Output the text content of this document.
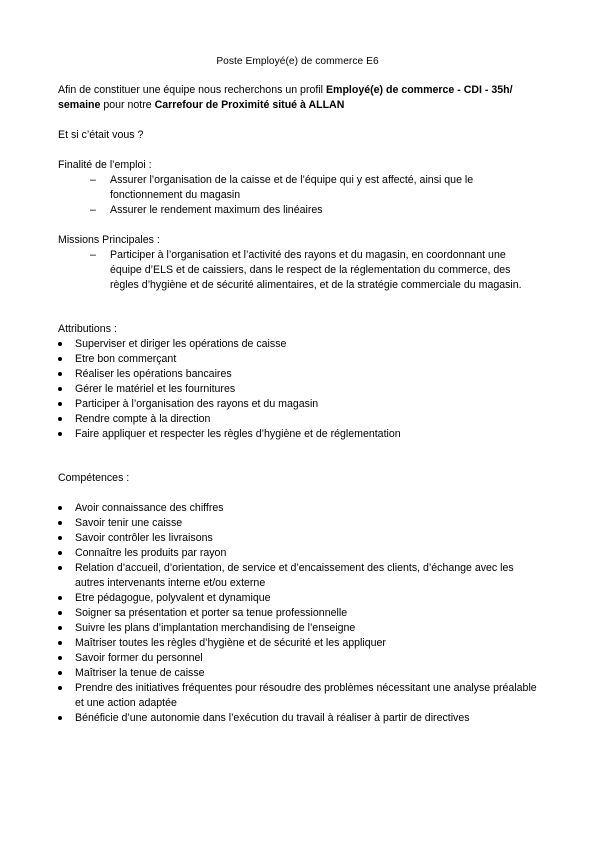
Poste Employé(e) de commerce E6
Afin de constituer une équipe nous recherchons un profil Employé(e) de commerce - CDI - 35h/ semaine pour notre Carrefour de Proximité situé à ALLAN
Et si c’était vous ?
Finalité de l’emploi :
– Assurer l’organisation de la caisse et de l’équipe qui y est affecté, ainsi que le fonctionnement du magasin
– Assurer le rendement maximum des linéaires
Missions Principales :
– Participer à l’organisation et l’activité des rayons et du magasin, en coordonnant une équipe d’ELS et de caissiers, dans le respect de la réglementation du commerce, des règles d’hygiène et de sécurité alimentaires, et de la stratégie commerciale du magasin.
Attributions :
Superviser et diriger les opérations de caisse
Etre bon commerçant
Réaliser les opérations bancaires
Gérer le matériel et les fournitures
Participer à l’organisation des rayons et du magasin
Rendre compte à la direction
Faire appliquer et respecter les règles d’hygiène et de réglementation
Compétences :
Avoir connaissance des chiffres
Savoir tenir une caisse
Savoir contrôler les livraisons
Connaître les produits par rayon
Relation d’accueil, d’orientation, de service et d’encaissement des clients, d’échange avec les autres intervenants interne et/ou externe
Etre pédagogue, polyvalent et dynamique
Soigner sa présentation et porter sa tenue professionnelle
Suivre les plans d’implantation merchandising de l’enseigne
Maîtriser toutes les règles d’hygiène et de sécurité et les appliquer
Savoir former du personnel
Maîtriser la tenue de caisse
Prendre des initiatives fréquentes pour résoudre des problèmes nécessitant une analyse préalable et une action adaptée
Bénéficie d’une autonomie dans l’exécution du travail à réaliser à partir de directives
